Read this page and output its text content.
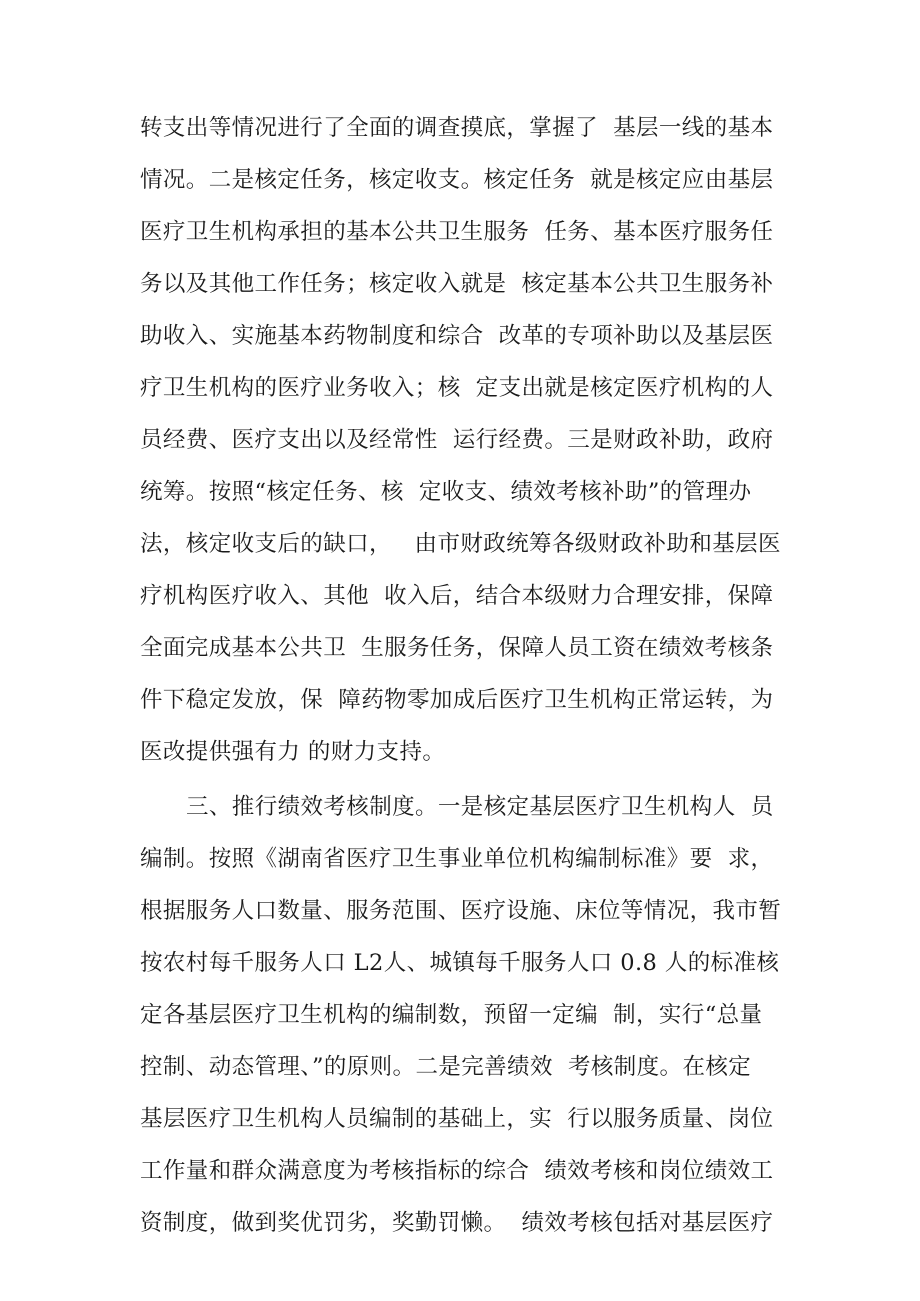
转支出等情况进行了全面的调查摸底，掌握了  基层一线的基本
情况。二是核定任务，核定收支。核定任务  就是核定应由基层
医疗卫生机构承担的基本公共卫生服务  任务、基本医疗服务任
务以及其他工作任务；核定收入就是  核定基本公共卫生服务补
助收入、实施基本药物制度和综合  改革的专项补助以及基层医
疗卫生机构的医疗业务收入；核  定支出就是核定医疗机构的人
员经费、医疗支出以及经常性  运行经费。三是财政补助，政府
统筹。按照“核定任务、核  定收支、绩效考核补助”的管理办
法，核定收支后的缺口，   由市财政统筹各级财政补助和基层医
疗机构医疗收入、其他  收入后，结合本级财力合理安排，保障
全面完成基本公共卫  生服务任务，保障人员工资在绩效考核条
件下稳定发放，保  障药物零加成后医疗卫生机构正常运转，为
医改提供强有力 的财力支持。
三、推行绩效考核制度。一是核定基层医疗卫生机构人  员
编制。按照《湖南省医疗卫生事业单位机构编制标准》要  求，
根据服务人口数量、服务范围、医疗设施、床位等情况，我市暂
按农村每千服务人口 L2人、城镇每千服务人口 0.8 人的标准核
定各基层医疗卫生机构的编制数，预留一定编  制，实行“总量
控制、动态管理、”的原则。二是完善绩效  考核制度。在核定
基层医疗卫生机构人员编制的基础上，实  行以服务质量、岗位
工作量和群众满意度为考核指标的综合  绩效考核和岗位绩效工
资制度，做到奖优罚劣，奖勤罚懒。  绩效考核包括对基层医疗
